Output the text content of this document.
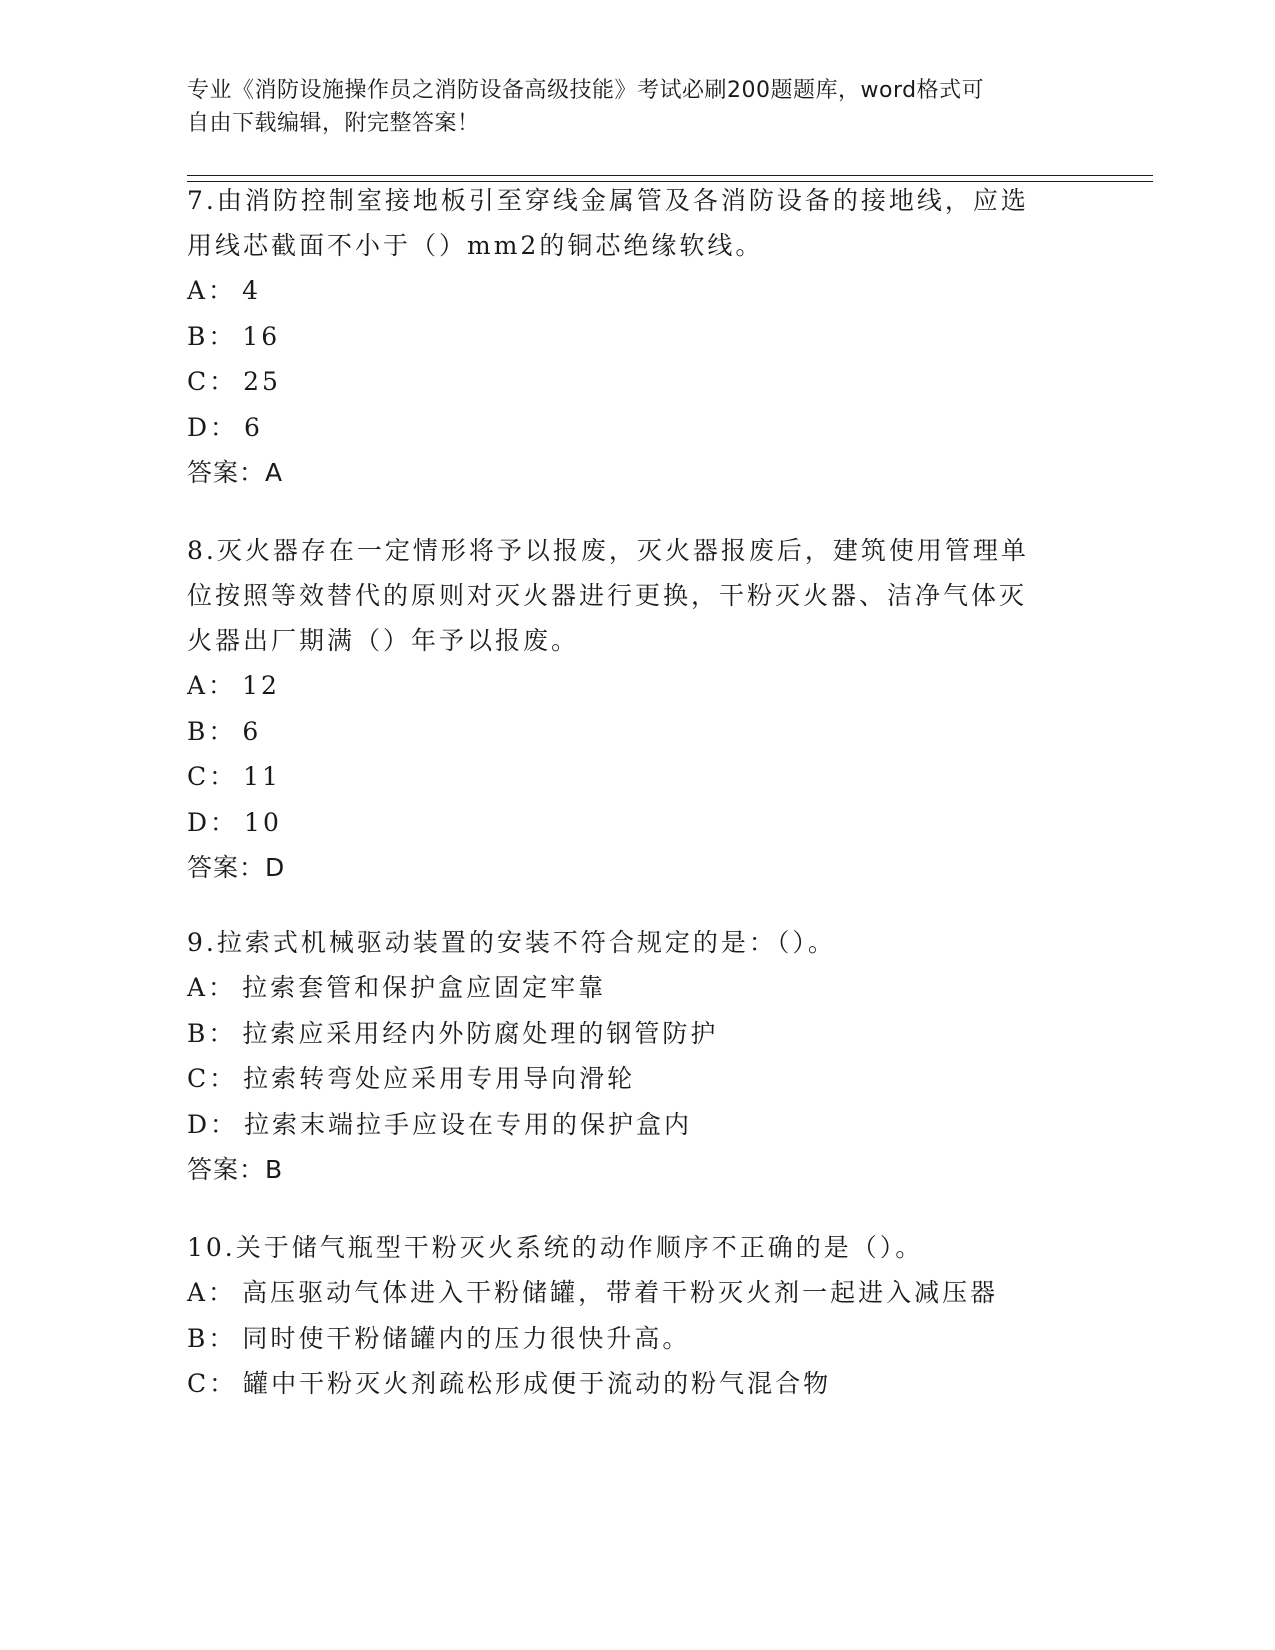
专业《消防设施操作员之消防设备高级技能》考试必刷200题题库，word格式可

自由下载编辑，附完整答案！

7.由消防控制室接地板引至穿线金属管及各消防设备的接地线，应选

用线芯截面不小于（）mm2的铜芯绝缘软线。

A： 4

B： 16

C： 25

D： 6

答案：A

8.灭火器存在一定情形将予以报废，灭火器报废后，建筑使用管理单

位按照等效替代的原则对灭火器进行更换，干粉灭火器、洁净气体灭

火器出厂期满（）年予以报废。

A： 12

B： 6

C： 11

D： 10

答案：D

9.拉索式机械驱动装置的安装不符合规定的是：（）。

A： 拉索套管和保护盒应固定牢靠

B： 拉索应采用经内外防腐处理的钢管防护

C： 拉索转弯处应采用专用导向滑轮

D： 拉索末端拉手应设在专用的保护盒内

答案：B

10.关于储气瓶型干粉灭火系统的动作顺序不正确的是（）。

A： 高压驱动气体进入干粉储罐，带着干粉灭火剂一起进入减压器

B： 同时使干粉储罐内的压力很快升高。

C： 罐中干粉灭火剂疏松形成便于流动的粉气混合物
